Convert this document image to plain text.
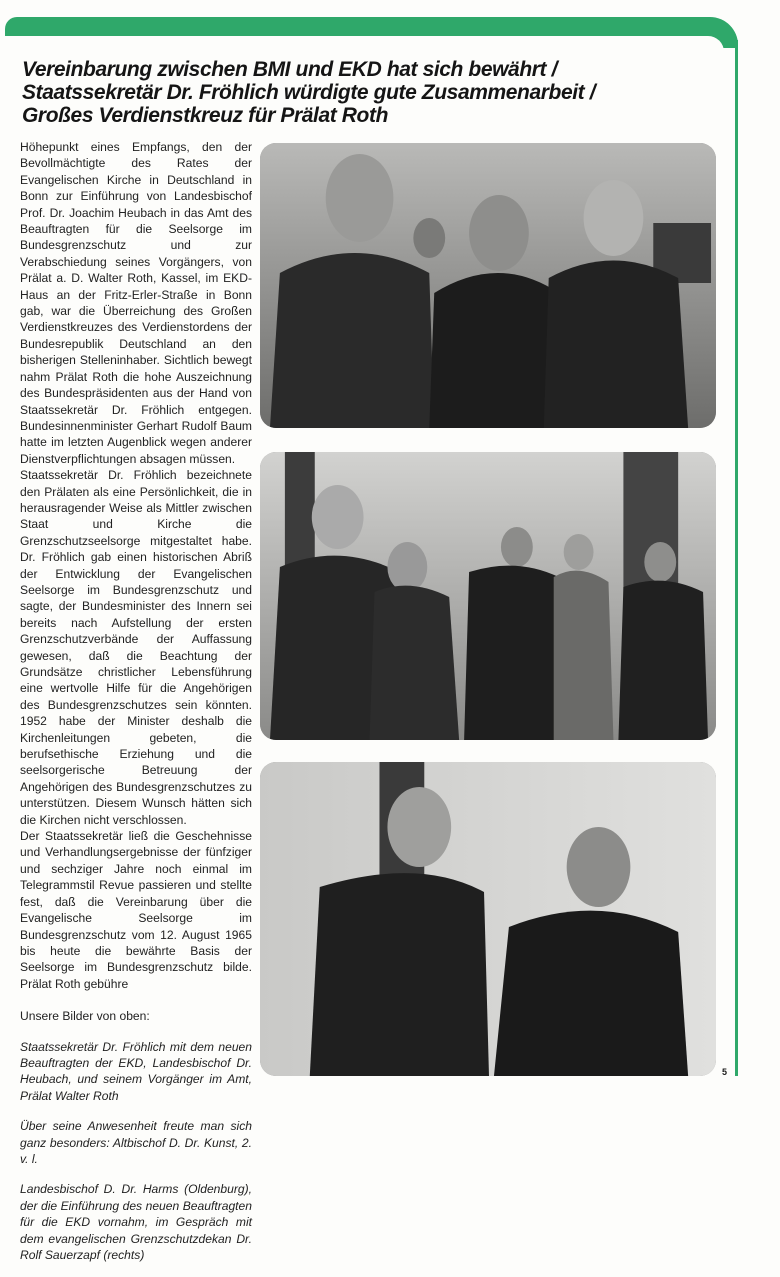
Vereinbarung zwischen BMI und EKD hat sich bewährt /
Staatssekretär Dr. Fröhlich würdigte gute Zusammenarbeit /
Großes Verdienstkreuz für Prälat Roth

Höhepunkt eines Empfangs, den der Bevollmächtigte des Rates der Evangelischen Kirche in Deutschland in Bonn zur Einführung von Landesbischof Prof. Dr. Joachim Heubach in das Amt des Beauftragten für die Seelsorge im Bundesgrenzschutz und zur Verabschiedung seines Vorgängers, von Prälat a. D. Walter Roth, Kassel, im EKD-Haus an der Fritz-Erler-Straße in Bonn gab, war die Überreichung des Großen Verdienstkreuzes des Verdienstordens der Bundesrepublik Deutschland an den bisherigen Stelleninhaber. Sichtlich bewegt nahm Prälat Roth die hohe Auszeichnung des Bundespräsidenten aus der Hand von Staatssekretär Dr. Fröhlich entgegen. Bundesinnenminister Gerhart Rudolf Baum hatte im letzten Augenblick wegen anderer Dienstverpflichtungen absagen müssen.

Staatssekretär Dr. Fröhlich bezeichnete den Prälaten als eine Persönlichkeit, die in herausragender Weise als Mittler zwischen Staat und Kirche die Grenzschutzseelsorge mitgestaltet habe. Dr. Fröhlich gab einen historischen Abriß der Entwicklung der Evangelischen Seelsorge im Bundesgrenzschutz und sagte, der Bundesminister des Innern sei bereits nach Aufstellung der ersten Grenzschutzverbände der Auffassung gewesen, daß die Beachtung der Grundsätze christlicher Lebensführung eine wertvolle Hilfe für die Angehörigen des Bundesgrenzschutzes sein könnten. 1952 habe der Minister deshalb die Kirchenleitungen gebeten, die berufsethische Erziehung und die seelsorgerische Betreuung der Angehörigen des Bundesgrenzschutzes zu unterstützen. Diesem Wunsch hätten sich die Kirchen nicht verschlossen.

Der Staatssekretär ließ die Geschehnisse und Verhandlungsergebnisse der fünfziger und sechziger Jahre noch einmal im Telegrammstil Revue passieren und stellte fest, daß die Vereinbarung über die Evangelische Seelsorge im Bundesgrenzschutz vom 12. August 1965 bis heute die bewährte Basis der Seelsorge im Bundesgrenzschutz bilde. Prälat Roth gebühre

Unsere Bilder von oben:

Staatssekretär Dr. Fröhlich mit dem neuen Beauftragten der EKD, Landesbischof Dr. Heubach, und seinem Vorgänger im Amt, Prälat Walter Roth

Über seine Anwesenheit freute man sich ganz besonders: Altbischof D. Dr. Kunst, 2. v. l.

Landesbischof D. Dr. Harms (Oldenburg), der die Einführung des neuen Beauftragten für die EKD vornahm, im Gespräch mit dem evangelischen Grenzschutzdekan Dr. Rolf Sauerzapf (rechts)

5
